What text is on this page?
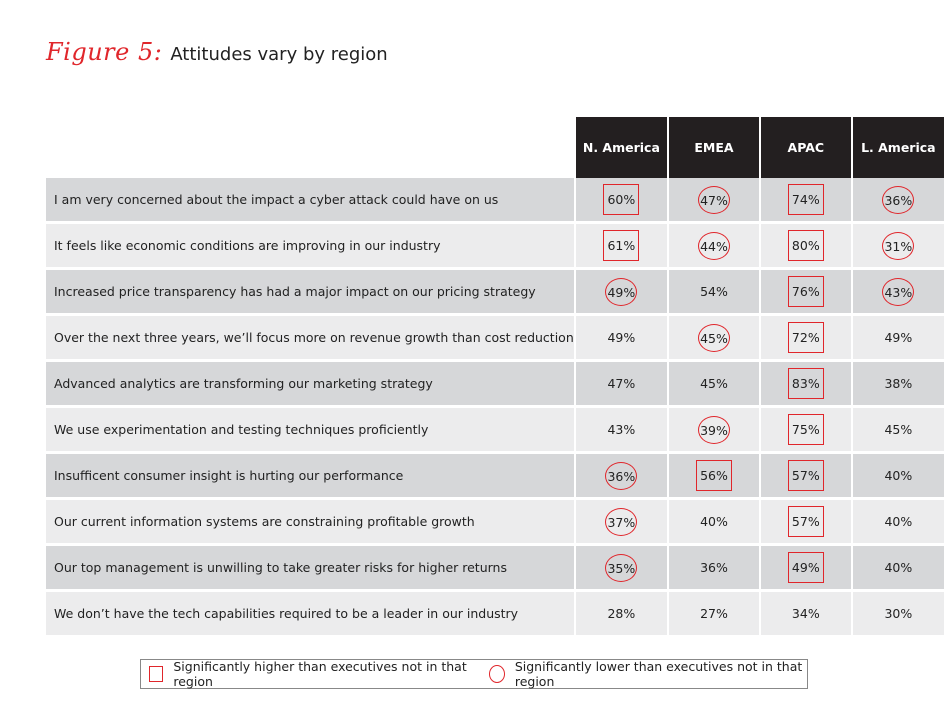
Figure 5: Attitudes vary by region
	N. America	EMEA	APAC	L. America
I am very concerned about the impact a cyber attack could have on us	60%	47%	74%	36%
It feels like economic conditions are improving in our industry	61%	44%	80%	31%
Increased price transparency has had a major impact on our pricing strategy	49%	54%	76%	43%
Over the next three years, we’ll focus more on revenue growth than cost reduction	49%	45%	72%	49%
Advanced analytics are transforming our marketing strategy	47%	45%	83%	38%
We use experimentation and testing techniques proficiently	43%	39%	75%	45%
Insufficent consumer insight is hurting our performance	36%	56%	57%	40%
Our current information systems are constraining profitable growth	37%	40%	57%	40%
Our top management is unwilling to take greater risks for higher returns	35%	36%	49%	40%
We don’t have the tech capabilities required to be a leader in our industry	28%	27%	34%	30%
Significantly higher than executives not in that region
Significantly lower than executives not in that region
